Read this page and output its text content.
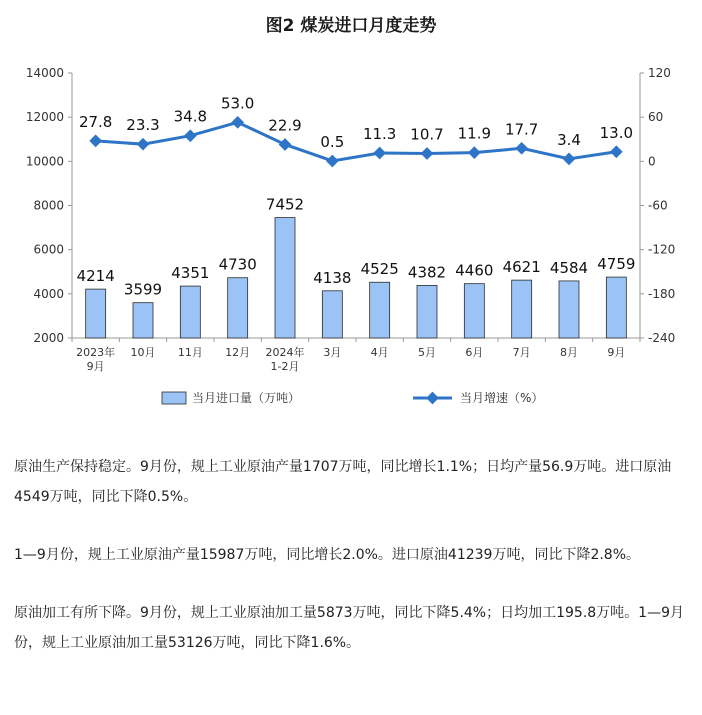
图2 煤炭进口月度走势
2000
4000
6000
8000
10000
12000
14000
-240
-180
-120
-60
0
60
120
2023年
9月
10月 11月 12月 2024年
1-2月
3月	4月	5月	6月	7月	8月	9月
4214
3599
4351 4730
7452
4138 4525 4382 4460 4621 4584 4759
27.8 23.3 34.8
53.0
22.9
0.5 11.3 10.7 11.9 17.7
3.4 13.0
当月进口量（万吨）	当月增速（%）

原油生产保持稳定。9月份，规上工业原油产量1707万吨，同比增长1.1%；日均产量56.9万吨。进口原油4549万吨，同比下降0.5%。

1—9月份，规上工业原油产量15987万吨，同比增长2.0%。进口原油41239万吨，同比下降2.8%。

原油加工有所下降。9月份，规上工业原油加工量5873万吨，同比下降5.4%；日均加工195.8万吨。1—9月份，规上工业原油加工量53126万吨，同比下降1.6%。
